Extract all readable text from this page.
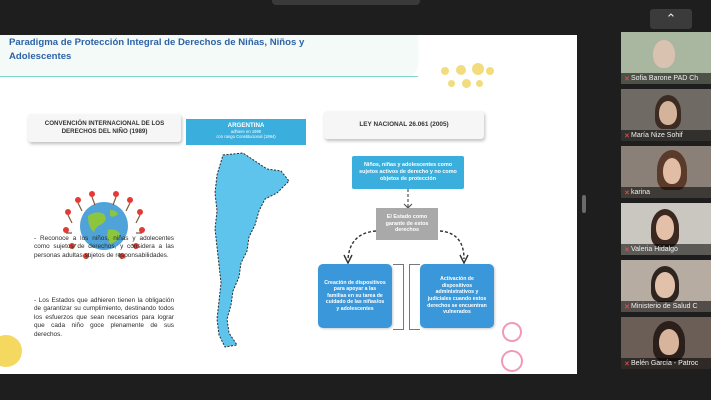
⌃
Paradigma de Protección Integral de Derechos de Niñas, Niños y Adolescentes
CONVENCIÓN INTERNACIONAL DE LOS DERECHOS DEL NIÑO (1989)
- Reconoce a los niños, niñas y adolecentes como sujetos de derechos, y considera a las personas adultas sujetos de responsabilidades.
- Los Estados que adhieren tienen la obligación de garantizar su cumplimiento, destinando todos los esfuerzos que sean necesarios para lograr que cada niño goce plenamente de sus derechos.
ARGENTINA
adhiere en 1990
con rango Constitucional (1994)
LEY NACIONAL 26.061 (2005)
Niños, niñas y adolescentes como sujetos activos de derecho y no como objetos de protección
El Estado como garante de estos derechos
Creación de dispositivos para apoyar a las familias en su tarea de cuidado de las niñas/os y adolescentes
Activación de dispositivos administrativos y judiciales cuando estos derechos se encuentran vulnerados
✕Sofia Barone PAD Ch
✕María Nize Sohif
✕karina
✕Valeria Hidalgo
✕Ministerio de Salud C
✕Belén García - Patroc
